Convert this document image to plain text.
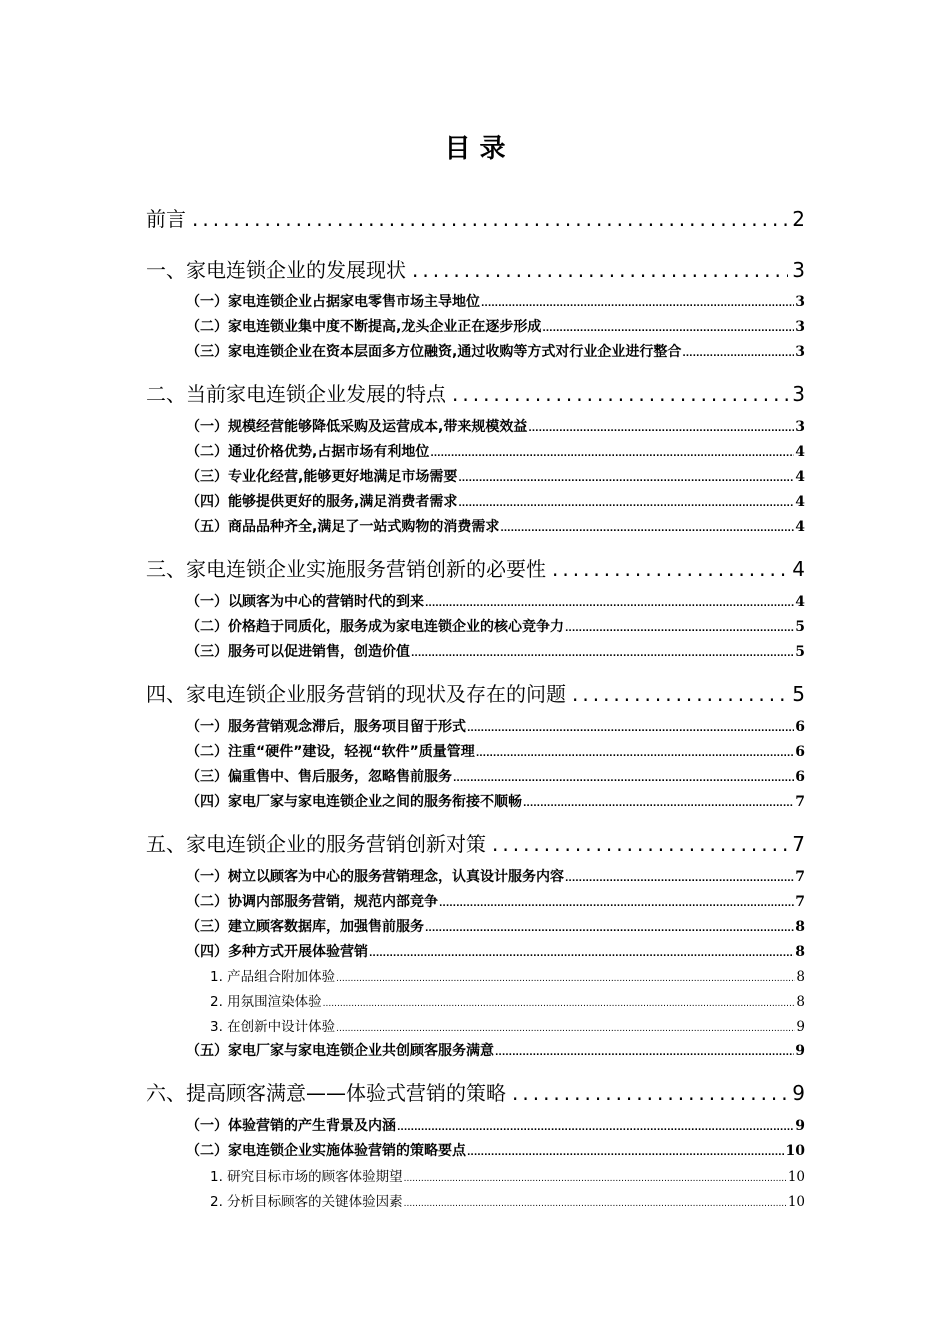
目 录
前言 .....	2
一、家电连锁企业的发展现状 .....	3
（一）家电连锁企业占据家电零售市场主导地位 .....	3
（二）家电连锁业集中度不断提高,龙头企业正在逐步形成 .....	3
（三）家电连锁企业在资本层面多方位融资,通过收购等方式对行业企业进行整合 .....	3
二、当前家电连锁企业发展的特点 .....	3
（一）规模经营能够降低采购及运营成本,带来规模效益 .....	3
（二）通过价格优势,占据市场有利地位 .....	4
（三）专业化经营,能够更好地满足市场需要 .....	4
（四）能够提供更好的服务,满足消费者需求 .....	4
（五）商品品种齐全,满足了一站式购物的消费需求 .....	4
三、家电连锁企业实施服务营销创新的必要性 .....	4
（一）以顾客为中心的营销时代的到来 .....	4
（二）价格趋于同质化，服务成为家电连锁企业的核心竞争力 .....	5
（三）服务可以促进销售，创造价值 .....	5
四、家电连锁企业服务营销的现状及存在的问题 .....	5
（一）服务营销观念滞后，服务项目留于形式 .....	6
（二）注重“硬件”建设，轻视“软件”质量管理 .....	6
（三）偏重售中、售后服务，忽略售前服务 .....	6
（四）家电厂家与家电连锁企业之间的服务衔接不顺畅 .....	7
五、家电连锁企业的服务营销创新对策 .....	7
（一）树立以顾客为中心的服务营销理念，认真设计服务内容 .....	7
（二）协调内部服务营销，规范内部竞争 .....	7
（三）建立顾客数据库，加强售前服务 .....	8
（四）多种方式开展体验营销 .....	8
1. 产品组合附加体验 .....	8
2. 用氛围渲染体验 .....	8
3. 在创新中设计体验 .....	9
（五）家电厂家与家电连锁企业共创顾客服务满意 .....	9
六、提高顾客满意——体验式营销的策略 .....	9
（一）体验营销的产生背景及内涵 .....	9
（二）家电连锁企业实施体验营销的策略要点 .....	10
1. 研究目标市场的顾客体验期望 .....	10
2. 分析目标顾客的关键体验因素 .....	10
